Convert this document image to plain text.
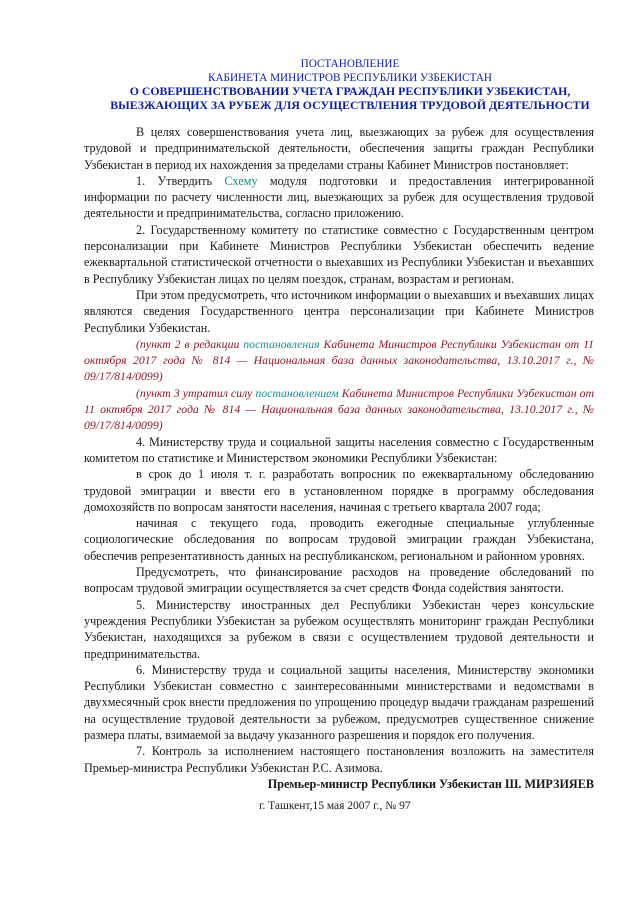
ПОСТАНОВЛЕНИЕ
КАБИНЕТА МИНИСТРОВ РЕСПУБЛИКИ УЗБЕКИСТАН
О СОВЕРШЕНСТВОВАНИИ УЧЕТА ГРАЖДАН РЕСПУБЛИКИ УЗБЕКИСТАН,
ВЫЕЗЖАЮЩИХ ЗА РУБЕЖ ДЛЯ ОСУЩЕСТВЛЕНИЯ ТРУДОВОЙ ДЕЯТЕЛЬНОСТИ

В целях совершенствования учета лиц, выезжающих за рубеж для осуществления трудовой и предпринимательской деятельности, обеспечения защиты граждан Республики Узбекистан в период их нахождения за пределами страны Кабинет Министров постановляет:

1. Утвердить Схему модуля подготовки и предоставления интегрированной информации по расчету численности лиц, выезжающих за рубеж для осуществления трудовой деятельности и предпринимательства, согласно приложению.

2. Государственному комитету по статистике совместно с Государственным центром персонализации при Кабинете Министров Республики Узбекистан обеспечить ведение ежеквартальной статистической отчетности о выехавших из Республики Узбекистан и въехавших в Республику Узбекистан лицах по целям поездок, странам, возрастам и регионам.

При этом предусмотреть, что источником информации о выехавших и въехавших лицах являются сведения Государственного центра персонализации при Кабинете Министров Республики Узбекистан.

(пункт 2 в редакции постановления Кабинета Министров Республики Узбекистан от 11 октября 2017 года № 814 — Национальная база данных законодательства, 13.10.2017 г., № 09/17/814/0099)

(пункт 3 утратил силу постановлением Кабинета Министров Республики Узбекистан от 11 октября 2017 года № 814 — Национальная база данных законодательства, 13.10.2017 г., № 09/17/814/0099)

4. Министерству труда и социальной защиты населения совместно с Государственным комитетом по статистике и Министерством экономики Республики Узбекистан:

в срок до 1 июля т. г. разработать вопросник по ежеквартальному обследованию трудовой эмиграции и ввести его в установленном порядке в программу обследования домохозяйств по вопросам занятости населения, начиная с третьего квартала 2007 года;

начиная с текущего года, проводить ежегодные специальные углубленные социологические обследования по вопросам трудовой эмиграции граждан Узбекистана, обеспечив репрезентативность данных на республиканском, региональном и районном уровнях.

Предусмотреть, что финансирование расходов на проведение обследований по вопросам трудовой эмиграции осуществляется за счет средств Фонда содействия занятости.

5. Министерству иностранных дел Республики Узбекистан через консульские учреждения Республики Узбекистан за рубежом осуществлять мониторинг граждан Республики Узбекистан, находящихся за рубежом в связи с осуществлением трудовой деятельности и предпринимательства.

6. Министерству труда и социальной защиты населения, Министерству экономики Республики Узбекистан совместно с заинтересованными министерствами и ведомствами в двухмесячный срок внести предложения по упрощению процедур выдачи гражданам разрешений на осуществление трудовой деятельности за рубежом, предусмотрев существенное снижение размера платы, взимаемой за выдачу указанного разрешения и порядок его получения.

7. Контроль за исполнением настоящего постановления возложить на заместителя Премьер-министра Республики Узбекистан Р.С. Азимова.

Премьер-министр Республики Узбекистан Ш. МИРЗИЯЕВ

г. Ташкент,15 мая 2007 г., № 97
